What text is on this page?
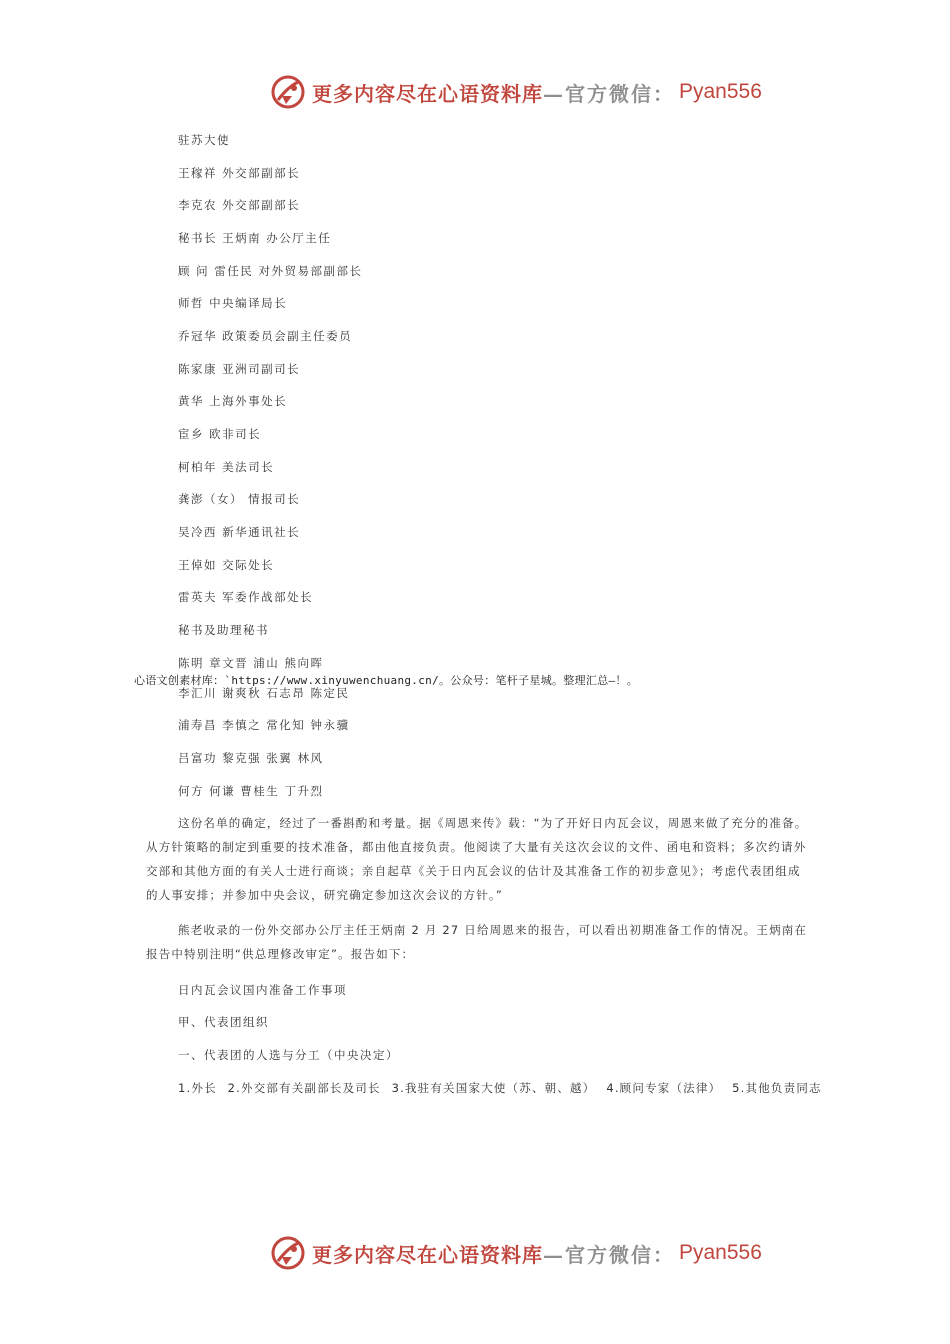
更多内容尽在心语资料库 —官方微信： Pyan556
驻苏大使
王稼祥 外交部副部长
李克农 外交部副部长
秘书长 王炳南 办公厅主任
顾 问 雷任民 对外贸易部副部长
师哲 中央编译局长
乔冠华 政策委员会副主任委员
陈家康 亚洲司副司长
黄华 上海外事处长
宦乡 欧非司长
柯柏年 美法司长
龚澎（女） 情报司长
吴冷西 新华通讯社长
王倬如 交际处长
雷英夫 军委作战部处长
秘书及助理秘书
陈明 章文晋 浦山 熊向晖
心语文创素材库：`https://www.xinyuwenchuang.cn/。公众号：笔杆子星城。整理汇总—！。
李汇川 谢爽秋 石志昂 陈定民
浦寿昌 李慎之 常化知 钟永骥
吕富功 黎克强 张翼 林风
何方 何谦 曹桂生 丁升烈
这份名单的确定，经过了一番斟酌和考量。据《周恩来传》载：“为了开好日内瓦会议，周恩来做了充分的准备。从方针策略的制定到重要的技术准备，都由他直接负责。他阅读了大量有关这次会议的文件、函电和资料；多次约请外交部和其他方面的有关人士进行商谈；亲自起草《关于日内瓦会议的估计及其准备工作的初步意见》；考虑代表团组成的人事安排；并参加中央会议，研究确定参加这次会议的方针。”
熊老收录的一份外交部办公厅主任王炳南 2 月 27 日给周恩来的报告，可以看出初期准备工作的情况。王炳南在报告中特别注明“供总理修改审定”。报告如下：
日内瓦会议国内准备工作事项
甲、代表团组织
一、代表团的人选与分工（中央决定）
1.外长 2.外交部有关副部长及司长 3.我驻有关国家大使（苏、朝、越） 4.顾问专家（法律） 5.其他负责同志
更多内容尽在心语资料库 —官方微信： Pyan556
